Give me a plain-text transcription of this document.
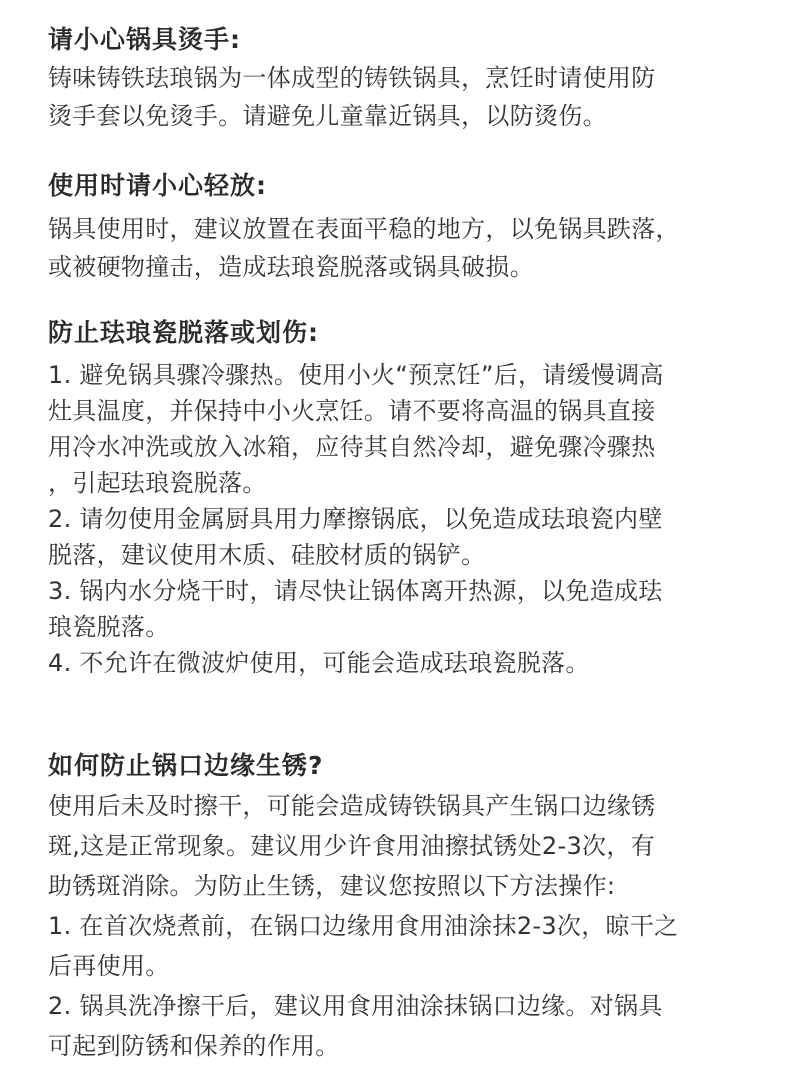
请小心锅具烫手:
铸味铸铁珐琅锅为一体成型的铸铁锅具，烹饪时请使用防
烫手套以免烫手。请避免儿童靠近锅具，以防烫伤。
使用时请小心轻放:
锅具使用时，建议放置在表面平稳的地方，以免锅具跌落，
或被硬物撞击，造成珐琅瓷脱落或锅具破损。
防止珐琅瓷脱落或划伤:
1. 避免锅具骤冷骤热。使用小火“预烹饪”后，请缓慢调高
灶具温度，并保持中小火烹饪。请不要将高温的锅具直接
用冷水冲洗或放入冰箱，应待其自然冷却，避免骤冷骤热
，引起珐琅瓷脱落。
2. 请勿使用金属厨具用力摩擦锅底，以免造成珐琅瓷内壁
脱落，建议使用木质、硅胶材质的锅铲。
3. 锅内水分烧干时，请尽快让锅体离开热源，以免造成珐
琅瓷脱落。
4. 不允许在微波炉使用，可能会造成珐琅瓷脱落。
如何防止锅口边缘生锈?
使用后未及时擦干，可能会造成铸铁锅具产生锅口边缘锈
斑,这是正常现象。建议用少许食用油擦拭锈处2-3次，有
助锈斑消除。为防止生锈，建议您按照以下方法操作:
1. 在首次烧煮前，在锅口边缘用食用油涂抹2-3次，晾干之
后再使用。
2. 锅具洗净擦干后，建议用食用油涂抹锅口边缘。对锅具
可起到防锈和保养的作用。
